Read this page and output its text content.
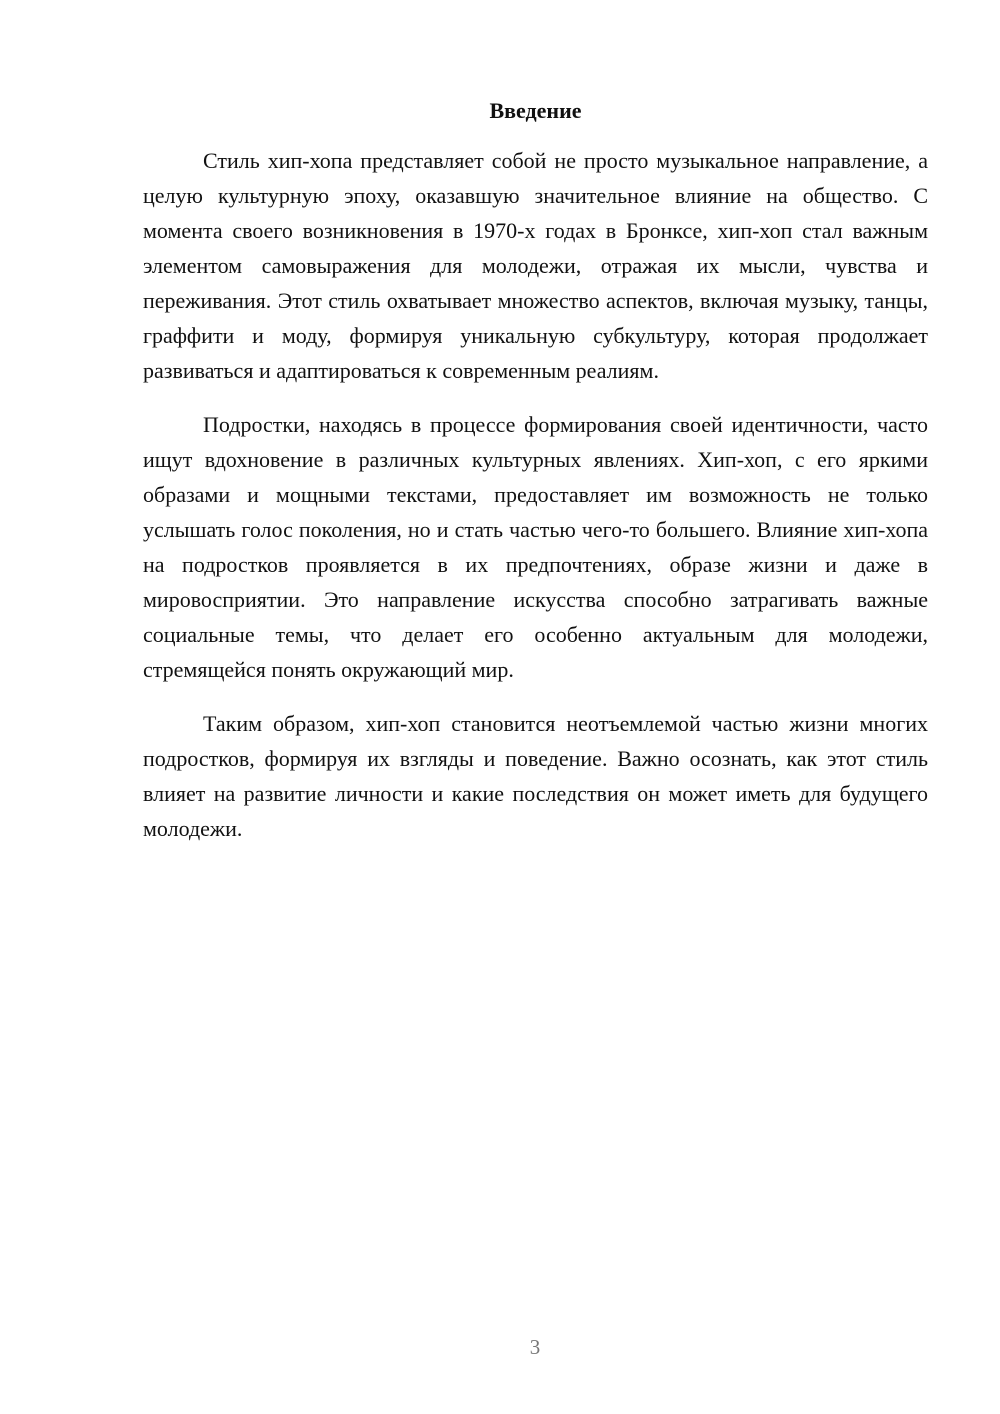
Введение

Стиль хип-хопа представляет собой не просто музыкальное направление, а целую культурную эпоху, оказавшую значительное влияние на общество. С момента своего возникновения в 1970-х годах в Бронксе, хип-хоп стал важным элементом самовыражения для молодежи, отражая их мысли, чувства и переживания. Этот стиль охватывает множество аспектов, включая музыку, танцы, граффити и моду, формируя уникальную субкультуру, которая продолжает развиваться и адаптироваться к современным реалиям.

Подростки, находясь в процессе формирования своей идентичности, часто ищут вдохновение в различных культурных явлениях. Хип-хоп, с его яркими образами и мощными текстами, предоставляет им возможность не только услышать голос поколения, но и стать частью чего-то большего. Влияние хип-хопа на подростков проявляется в их предпочтениях, образе жизни и даже в мировосприятии. Это направление искусства способно затрагивать важные социальные темы, что делает его особенно актуальным для молодежи, стремящейся понять окружающий мир.

Таким образом, хип-хоп становится неотъемлемой частью жизни многих подростков, формируя их взгляды и поведение. Важно осознать, как этот стиль влияет на развитие личности и какие последствия он может иметь для будущего молодежи.

3
